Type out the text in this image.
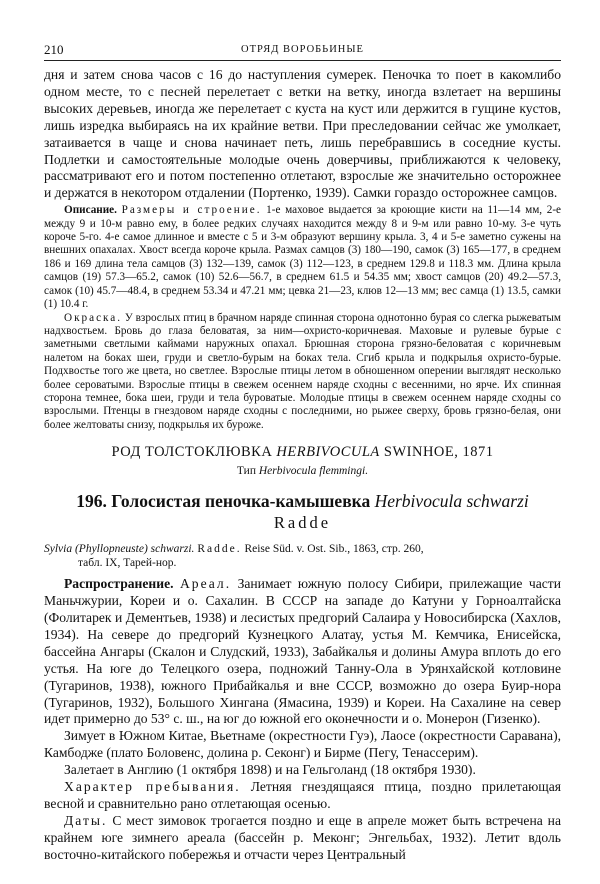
210	ОТРЯД ВОРОБЬИНЫЕ

дня и затем снова часов с 16 до наступления сумерек. Пеночка то поет в какомлибо одном месте, то с песней перелетает с ветки на ветку, иногда взлетает на вершины высоких деревьев, иногда же перелетает с куста на куст или держится в гущине кустов, лишь изредка выбираясь на их крайние ветви. При преследовании сейчас же умолкает, затаивается в чаще и снова начинает петь, лишь перебравшись в соседние кусты. Подлетки и самостоятельные молодые очень доверчивы, приближаются к человеку, рассматривают его и потом постепенно отлетают, взрослые же значительно осторожнее и держатся в некотором отдалении (Портенко, 1939). Самки гораздо осторожнее самцов.

Описание. Размеры и строение. 1-е маховое выдается за кроющие кисти на 11—14 мм, 2-е между 9 и 10-м равно ему, в более редких случаях находится между 8 и 9-м или равно 10-му. 3-е чуть короче 5-го. 4-е самое длинное и вместе с 5 и 3-м образуют вершину крыла. 3, 4 и 5-е заметно сужены на внешних опахалах. Хвост всегда короче крыла. Размах самцов (3) 180—190, самок (3) 165—177, в среднем 186 и 169 длина тела самцов (3) 132—139, самок (3) 112—123, в среднем 129.8 и 118.3 мм. Длина крыла самцов (19) 57.3—65.2, самок (10) 52.6—56.7, в среднем 61.5 и 54.35 мм; хвост самцов (20) 49.2—57.3, самок (10) 45.7—48.4, в среднем 53.34 и 47.21 мм; цевка 21—23, клюв 12—13 мм; вес самца (1) 13.5, самки (1) 10.4 г.

Окраска. У взрослых птиц в брачном наряде спинная сторона однотонно бурая со слегка рыжеватым надхвостьем. Бровь до глаза беловатая, за ним—охристо-коричневая. Маховые и рулевые бурые с заметными светлыми каймами наружных опахал. Брюшная сторона грязно-беловатая с коричневым налетом на боках шеи, груди и светло-бурым на боках тела. Сгиб крыла и подкрылья охристо-бурые. Подхвостье того же цвета, но светлее. Взрослые птицы летом в обношенном оперении выглядят несколько более сероватыми. Взрослые птицы в свежем осеннем наряде сходны с весенними, но ярче. Их спинная сторона темнее, бока шеи, груди и тела буроватые. Молодые птицы в свежем осеннем наряде сходны со взрослыми. Птенцы в гнездовом наряде сходны с последними, но рыжее сверху, бровь грязно-белая, они более желтоваты снизу, подкрылья их буроже.

РОД ТОЛСТОКЛЮВКА HERBIVOCULA SWINHOE, 1871
Тип Herbivocula flemmingi.
196. Голосистая пеночка-камышевка Herbivocula schwarzi
Radde
Sylvia (Phyllopneuste) schwarzi. Radde. Reise Süd. v. Ost. Sib., 1863, стр. 260,
табл. IX, Тарей-нор.

Распространение. Ареал. Занимает южную полосу Сибири, прилежащие части Маньчжурии, Кореи и о. Сахалин. В СССР на западе до Катуни у Горноалтайска (Фолитарек и Дементьев, 1938) и лесистых предгорий Салаира у Новосибирска (Хахлов, 1934). На севере до предгорий Кузнецкого Алатау, устья М. Кемчика, Енисейска, бассейна Ангары (Скалон и Слудский, 1933), Забайкалья и долины Амура вплоть до его устья. На юге до Телецкого озера, подножий Танну-Ола в Урянхайской котловине (Тугаринов, 1938), южного Прибайкалья и вне СССР, возможно до озера Буир-нора (Тугаринов, 1932), Большого Хингана (Ямасина, 1939) и Кореи. На Сахалине на север идет примерно до 53° с. ш., на юг до южной его оконечности и о. Монерон (Гизенко).

Зимует в Южном Китае, Вьетнаме (окрестности Гуэ), Лаосе (окрестности Саравана), Камбодже (плато Боловенс, долина р. Секонг) и Бирме (Пегу, Тенассерим).

Залетает в Англию (1 октября 1898) и на Гельголанд (18 октября 1930).

Характер пребывания. Летняя гнездящаяся птица, поздно прилетающая весной и сравнительно рано отлетающая осенью.

Даты. С мест зимовок трогается поздно и еще в апреле может быть встречена на крайнем юге зимнего ареала (бассейн р. Меконг; Энгельбах, 1932). Летит вдоль восточно-китайского побережья и отчасти через Центральный
